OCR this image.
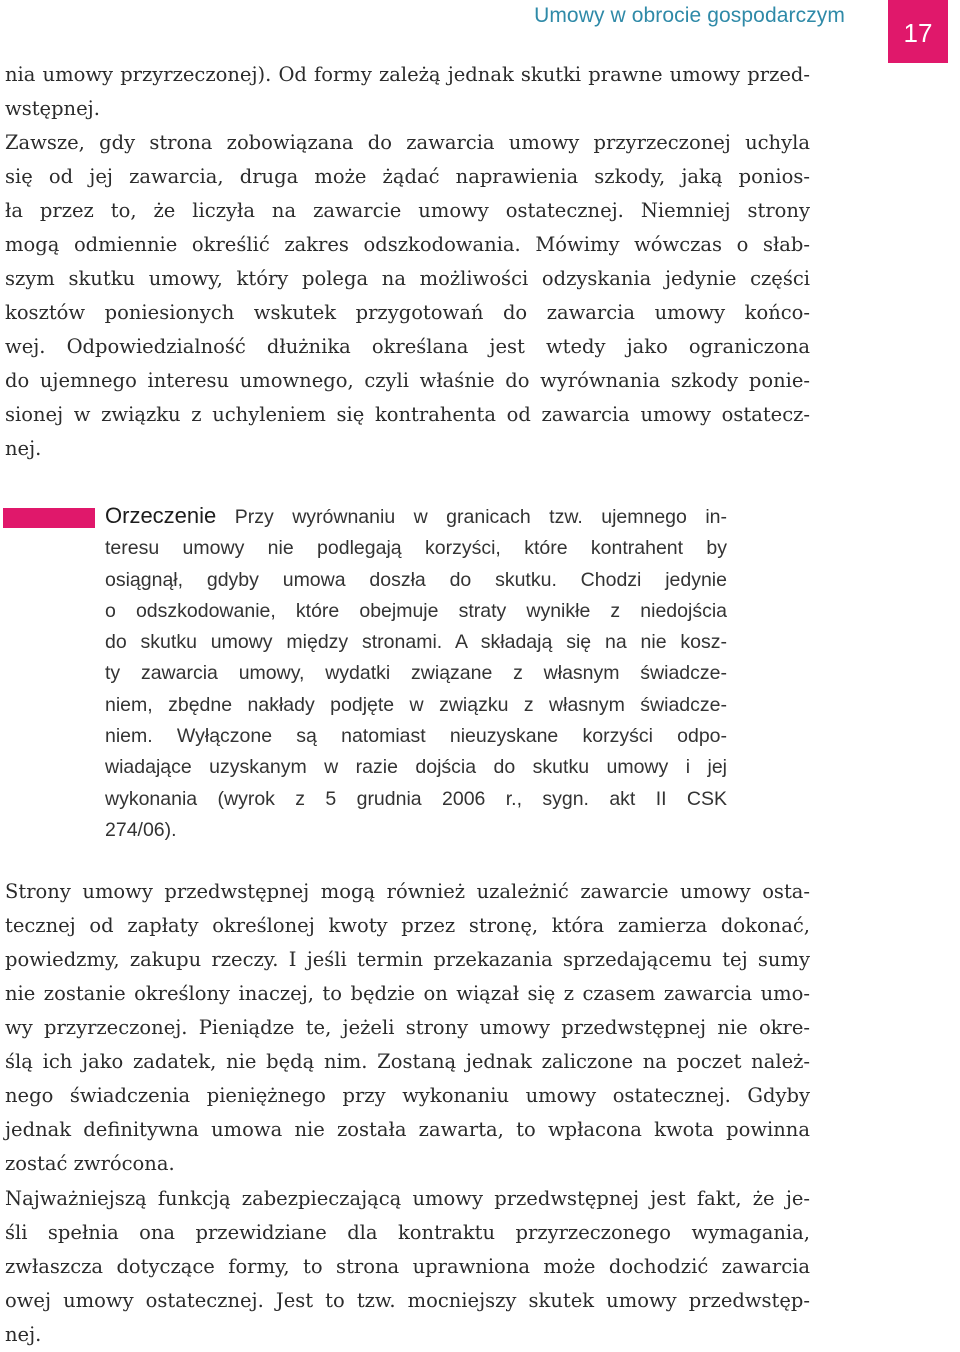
Umowy w obrocie gospodarczym
17
nia umowy przyrzeczonej). Od formy zależą jednak skutki prawne umowy przed-
wstępnej.
Zawsze, gdy strona zobowiązana do zawarcia umowy przyrzeczonej uchyla
się od jej zawarcia, druga może żądać naprawienia szkody, jaką ponios-
ła przez to, że liczyła na zawarcie umowy ostatecznej. Niemniej strony
mogą odmiennie określić zakres odszkodowania. Mówimy wówczas o słab-
szym skutku umowy, który polega na możliwości odzyskania jedynie części
kosztów poniesionych wskutek przygotowań do zawarcia umowy końco-
wej. Odpowiedzialność dłużnika określana jest wtedy jako ograniczona
do ujemnego interesu umownego, czyli właśnie do wyrównania szkody ponie-
sionej w związku z uchyleniem się kontrahenta od zawarcia umowy ostatecz-
nej.
Orzeczenie Przy wyrównaniu w granicach tzw. ujemnego in-
teresu umowy nie podlegają korzyści, które kontrahent by
osiągnął, gdyby umowa doszła do skutku. Chodzi jedynie
o odszkodowanie, które obejmuje straty wynikłe z niedojścia
do skutku umowy między stronami. A składają się na nie kosz-
ty zawarcia umowy, wydatki związane z własnym świadcze-
niem, zbędne nakłady podjęte w związku z własnym świadcze-
niem. Wyłączone są natomiast nieuzyskane korzyści odpo-
wiadające uzyskanym w razie dojścia do skutku umowy i jej
wykonania (wyrok z 5 grudnia 2006 r., sygn. akt II CSK
274/06).
Strony umowy przedwstępnej mogą również uzależnić zawarcie umowy osta-
tecznej od zapłaty określonej kwoty przez stronę, która zamierza dokonać,
powiedzmy, zakupu rzeczy. I jeśli termin przekazania sprzedającemu tej sumy
nie zostanie określony inaczej, to będzie on wiązał się z czasem zawarcia umo-
wy przyrzeczonej. Pieniądze te, jeżeli strony umowy przedwstępnej nie okre-
ślą ich jako zadatek, nie będą nim. Zostaną jednak zaliczone na poczet należ-
nego świadczenia pieniężnego przy wykonaniu umowy ostatecznej. Gdyby
jednak definitywna umowa nie została zawarta, to wpłacona kwota powinna
zostać zwrócona.
Najważniejszą funkcją zabezpieczającą umowy przedwstępnej jest fakt, że je-
śli spełnia ona przewidziane dla kontraktu przyrzeczonego wymagania,
zwłaszcza dotyczące formy, to strona uprawniona może dochodzić zawarcia
owej umowy ostatecznej. Jest to tzw. mocniejszy skutek umowy przedwstęp-
nej.
